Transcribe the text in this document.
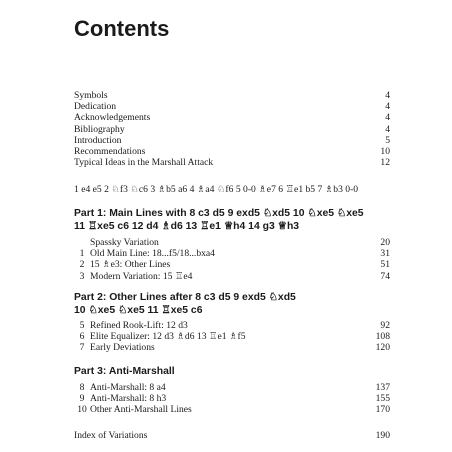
Contents
Symbols	4
Dedication	4
Acknowledgements	4
Bibliography	4
Introduction	5
Recommendations	10
Typical Ideas in the Marshall Attack	12
1 e4 e5 2 ♘f3 ♘c6 3 ♗b5 a6 4 ♗a4 ♘f6 5 0-0 ♗e7 6 ♖e1 b5 7 ♗b3 0-0
Part 1: Main Lines with 8 c3 d5 9 exd5 ♘xd5 10 ♘xe5 ♘xe5
11 ♖xe5 c6 12 d4 ♗d6 13 ♖e1 ♕h4 14 g3 ♕h3
Spassky Variation	20
1 Old Main Line: 18...f5/18...bxa4	31
2 15 ♗e3: Other Lines	51
3 Modern Variation: 15 ♖e4	74
Part 2: Other Lines after 8 c3 d5 9 exd5 ♘xd5
10 ♘xe5 ♘xe5 11 ♖xe5 c6
5 Refined Rook-Lift: 12 d3	92
6 Elite Equalizer: 12 d3 ♗d6 13 ♖e1 ♗f5	108
7 Early Deviations	120
Part 3: Anti-Marshall
8 Anti-Marshall: 8 a4	137
9 Anti-Marshall: 8 h3	155
10 Other Anti-Marshall Lines	170
Index of Variations	190
